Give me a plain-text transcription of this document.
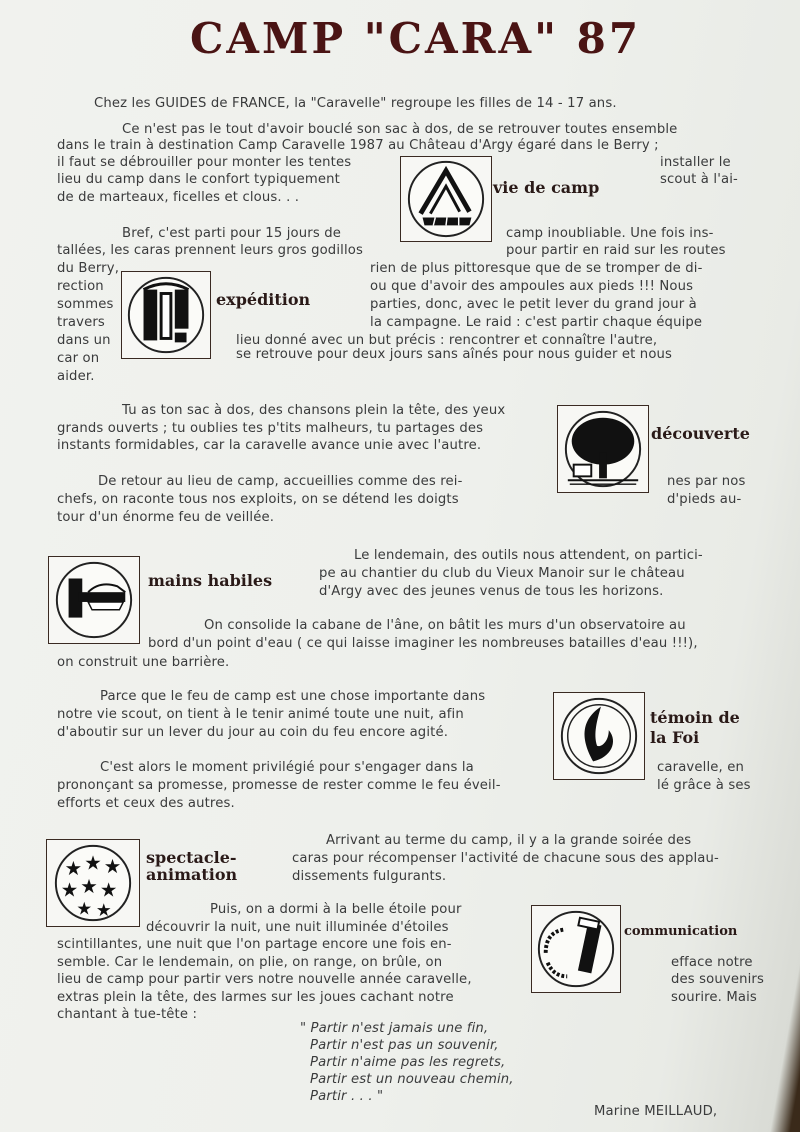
CAMP "CARA" 87
Chez les GUIDES de FRANCE, la "Caravelle" regroupe les filles de 14 - 17 ans.
Ce n'est pas le tout d'avoir bouclé son sac à dos, de se retrouver toutes ensemble
dans le train à destination Camp Caravelle 1987 au Château d'Argy égaré dans le Berry ;
il faut se débrouiller pour monter les tentes	installer le
lieu du camp dans le confort typiquement	scout à l'ai-
de de marteaux, ficelles et clous. . .
vie de camp
Bref, c'est parti pour 15 jours de	camp inoubliable. Une fois ins-
tallées, les caras prennent leurs gros godillos	pour partir en raid sur les routes
du Berry,	rien de plus pittoresque que de se tromper de di-
rection	ou que d'avoir des ampoules aux pieds !!! Nous
sommes	parties, donc, avec le petit lever du grand jour à
travers	la campagne. Le raid : c'est partir chaque équipe
dans un	lieu donné avec un but précis : rencontrer et connaître l'autre,
car on	se retrouve pour deux jours sans aînés pour nous guider et nous
aider.
expédition
Tu as ton sac à dos, des chansons plein la tête, des yeux
grands ouverts ; tu oublies tes p'tits malheurs, tu partages des
instants formidables, car la caravelle avance unie avec l'autre.
découverte
De retour au lieu de camp, accueillies comme des rei-	nes par nos
chefs, on raconte tous nos exploits, on se détend les doigts	d'pieds au-
tour d'un énorme feu de veillée.
mains habiles
Le lendemain, des outils nous attendent, on partici-
pe au chantier du club du Vieux Manoir sur le château
d'Argy avec des jeunes venus de tous les horizons.
On consolide la cabane de l'âne, on bâtit les murs d'un observatoire au
bord d'un point d'eau ( ce qui laisse imaginer les nombreuses batailles d'eau !!!),
on construit une barrière.
Parce que le feu de camp est une chose importante dans
notre vie scout, on tient à le tenir animé toute une nuit, afin
d'aboutir sur un lever du jour au coin du feu encore agité.
témoin de
la Foi
C'est alors le moment privilégié pour s'engager dans la	caravelle, en
prononçant sa promesse, promesse de rester comme le feu éveil-	lé grâce à ses
efforts et ceux des autres.
★ ★ ★
★ ★ ★
★ ★
spectacle-
animation
Arrivant au terme du camp, il y a la grande soirée des
caras pour récompenser l'activité de chacune sous des applau-
dissements fulgurants.
communication
Puis, on a dormi à la belle étoile pour
découvrir la nuit, une nuit illuminée d'étoiles
scintillantes, une nuit que l'on partage encore une fois en-
semble. Car le lendemain, on plie, on range, on brûle, on	efface notre
lieu de camp pour partir vers notre nouvelle année caravelle,	des souvenirs
extras plein la tête, des larmes sur les joues cachant notre	sourire. Mais
chantant à tue-tête :
" Partir n'est jamais une fin,
Partir n'est pas un souvenir,
Partir n'aime pas les regrets,
Partir est un nouveau chemin,
Partir . . . "
Marine MEILLAUD,
